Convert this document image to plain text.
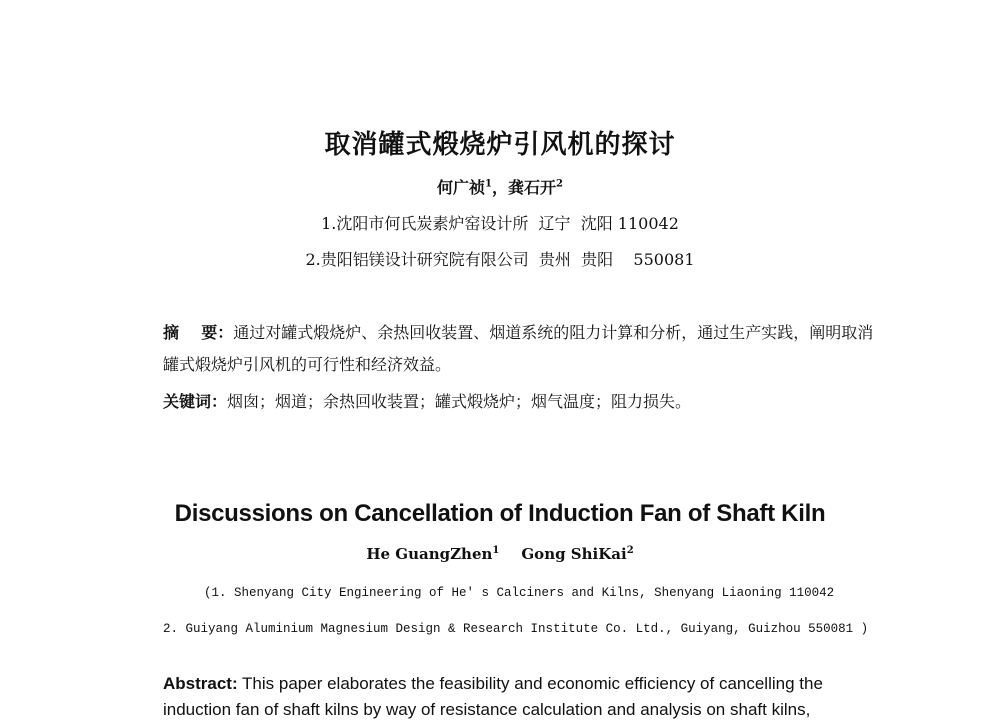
取消罐式煅烧炉引风机的探讨
何广祯$^1$，龚石开$^2$
1.沈阳市何氏炭素炉窑设计所  辽宁  沈阳 110042
2.贵阳铝镁设计研究院有限公司  贵州  贵阳    550081
摘    要：通过对罐式煅烧炉、余热回收装置、烟道系统的阻力计算和分析，通过生产实践，阐明取消罐式煅烧炉引风机的可行性和经济效益。
关键词：烟囱；烟道；余热回收装置；罐式煅烧炉；烟气温度；阻力损失。
Discussions on Cancellation of Induction Fan of Shaft Kiln
He GuangZhen$^1$ Gong ShiKai$^2$
(1. Shenyang City Engineering of He' s Calciners and Kilns, Shenyang Liaoning 110042
2. Guiyang Aluminium Magnesium Design & Research Institute Co. Ltd., Guiyang, Guizhou 550081 )
Abstract: This paper elaborates the feasibility and economic efficiency of cancelling the induction fan of shaft kilns by way of resistance calculation and analysis on shaft kilns,
